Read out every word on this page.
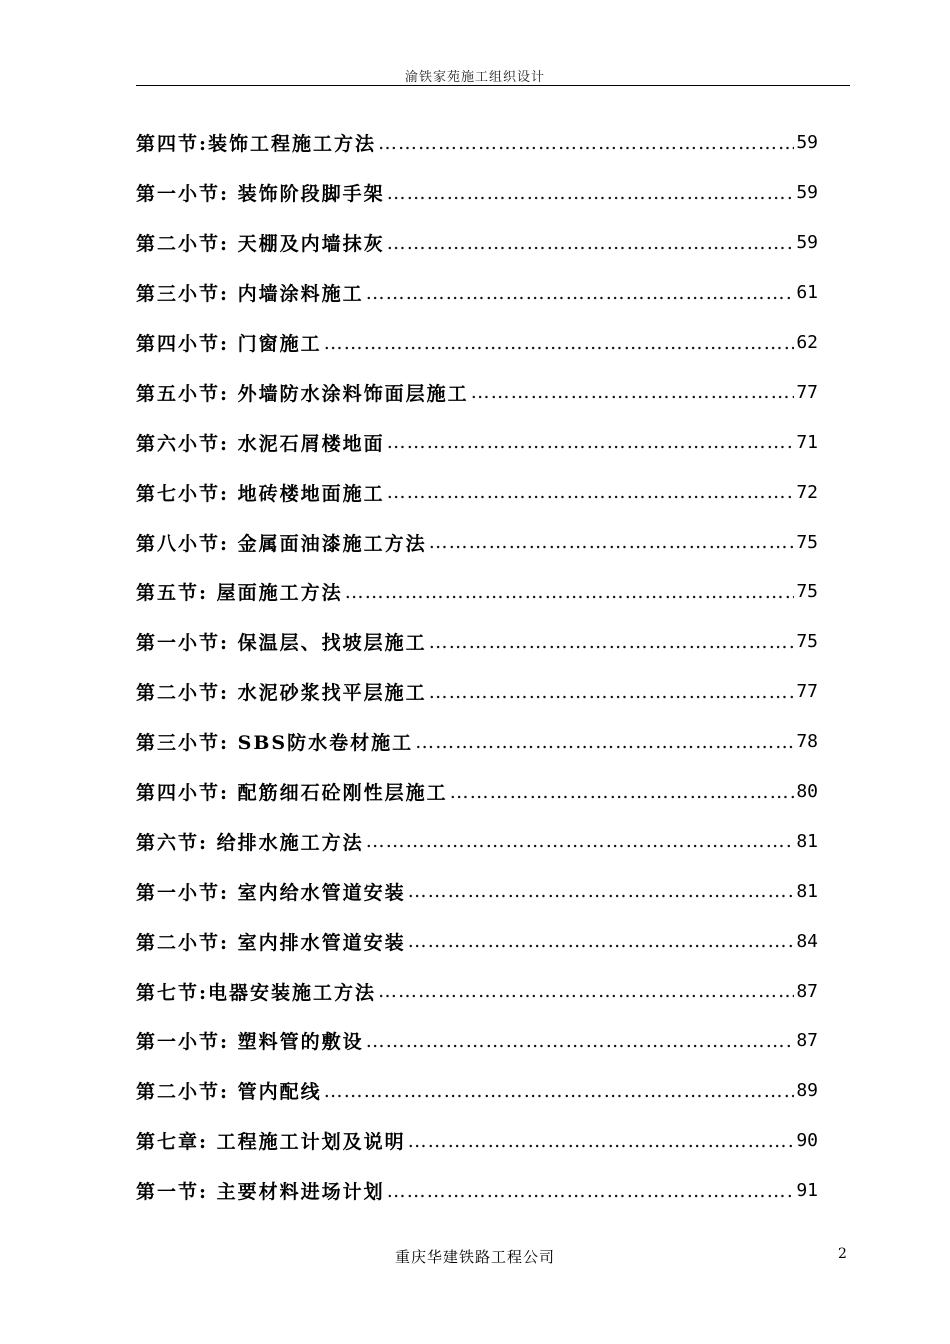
渝铁家苑施工组织设计
第四节:装饰工程施工方法 ……………………………………………………………………………………………………………………………………	59
第一小节: 装饰阶段脚手架 ……………………………………………………………………………………………………………………………………	59
第二小节: 天棚及内墙抹灰 ……………………………………………………………………………………………………………………………………	59
第三小节: 内墙涂料施工 ……………………………………………………………………………………………………………………………………	61
第四小节: 门窗施工 ……………………………………………………………………………………………………………………………………	62
第五小节: 外墙防水涂料饰面层施工 ……………………………………………………………………………………………………………………………………	77
第六小节: 水泥石屑楼地面 ……………………………………………………………………………………………………………………………………	71
第七小节: 地砖楼地面施工 ……………………………………………………………………………………………………………………………………	72
第八小节: 金属面油漆施工方法 ……………………………………………………………………………………………………………………………………	75
第五节: 屋面施工方法 ……………………………………………………………………………………………………………………………………	75
第一小节: 保温层、找坡层施工 ……………………………………………………………………………………………………………………………………	75
第二小节: 水泥砂浆找平层施工 ……………………………………………………………………………………………………………………………………	77
第三小节: SBS防水卷材施工 ……………………………………………………………………………………………………………………………………	78
第四小节: 配筋细石砼刚性层施工 ……………………………………………………………………………………………………………………………………	80
第六节: 给排水施工方法 ……………………………………………………………………………………………………………………………………	81
第一小节: 室内给水管道安装 ……………………………………………………………………………………………………………………………………	81
第二小节: 室内排水管道安装 ……………………………………………………………………………………………………………………………………	84
第七节:电器安装施工方法 ……………………………………………………………………………………………………………………………………	87
第一小节: 塑料管的敷设 ……………………………………………………………………………………………………………………………………	87
第二小节: 管内配线 ……………………………………………………………………………………………………………………………………	89
第七章: 工程施工计划及说明 ……………………………………………………………………………………………………………………………………	90
第一节: 主要材料进场计划 ……………………………………………………………………………………………………………………………………	91
重庆华建铁路工程公司	2
